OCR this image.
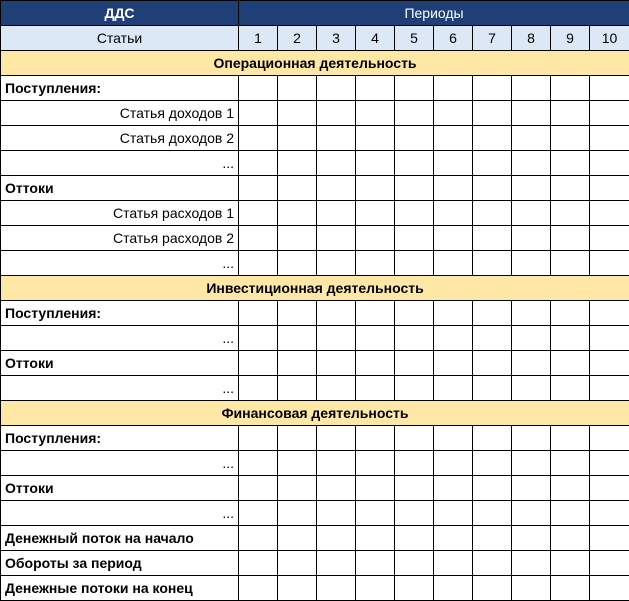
ДДС	Периоды									
Статьи	1	2	3	4	5	6	7	8	9	10
Операционная деятельность										
Поступления:										
Статья доходов 1										
Статья доходов 2										
...										
Оттоки										
Статья расходов 1										
Статья расходов 2										
...										
Инвестиционная деятельность										
Поступления:										
...										
Оттоки										
...										
Финансовая деятельность										
Поступления:										
...										
Оттоки										
...										
Денежный поток на начало										
Обороты за период										
Денежные потоки на конец										
